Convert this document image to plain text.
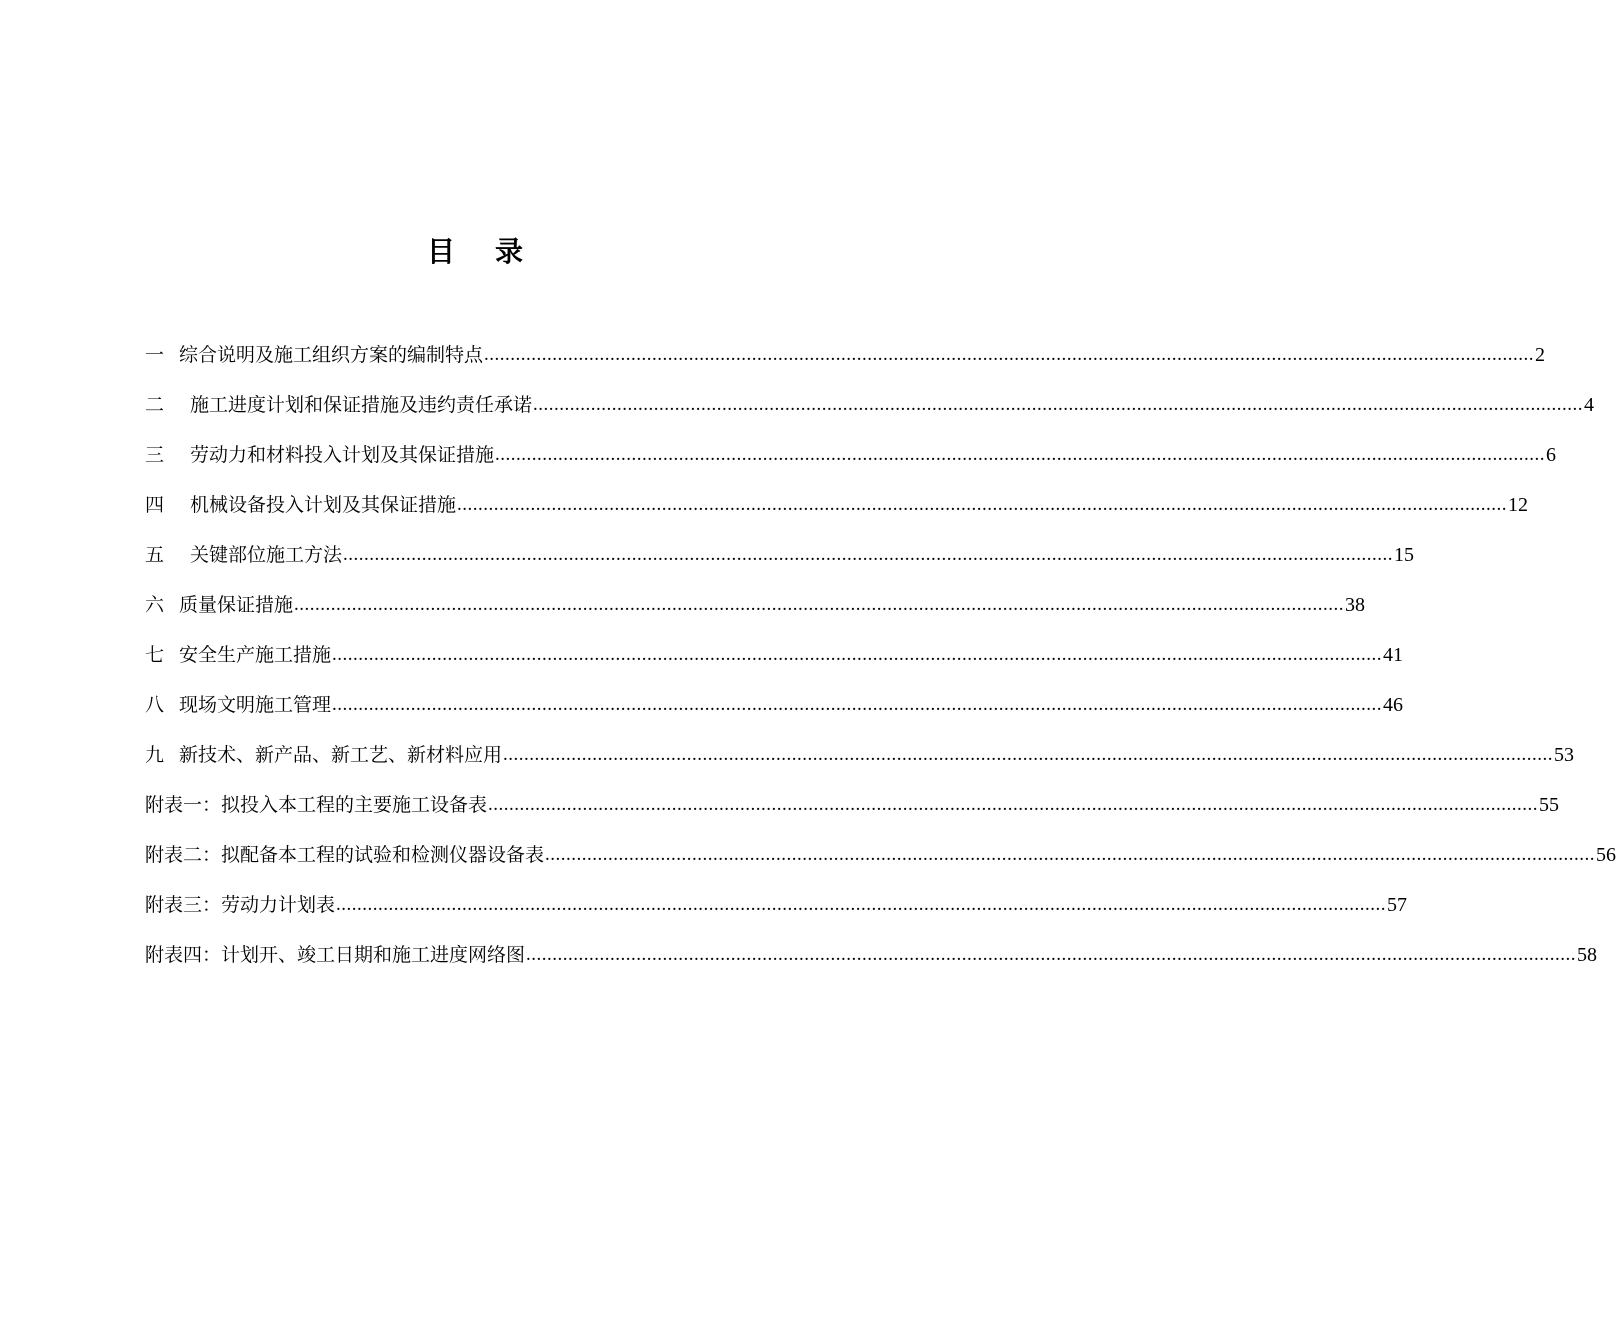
目 录
一 综合说明及施工组织方案的编制特点 ........................................................................................................................................................................................................ 2
二	施工进度计划和保证措施及违约责任承诺 ........................................................................................................................................................................................................ 4
三	劳动力和材料投入计划及其保证措施 ........................................................................................................................................................................................................ 6
四	机械设备投入计划及其保证措施 ........................................................................................................................................................................................................ 12
五	关键部位施工方法 ........................................................................................................................................................................................................ 15
六 质量保证措施 ........................................................................................................................................................................................................ 38
七 安全生产施工措施 ........................................................................................................................................................................................................ 41
八 现场文明施工管理 ........................................................................................................................................................................................................ 46
九 新技术、新产品、新工艺、新材料应用 ........................................................................................................................................................................................................ 53
附表一：拟投入本工程的主要施工设备表 ........................................................................................................................................................................................................ 55
附表二：拟配备本工程的试验和检测仪器设备表 ........................................................................................................................................................................................................ 56
附表三：劳动力计划表 ........................................................................................................................................................................................................ 57
附表四：计划开、竣工日期和施工进度网络图 ........................................................................................................................................................................................................ 58
